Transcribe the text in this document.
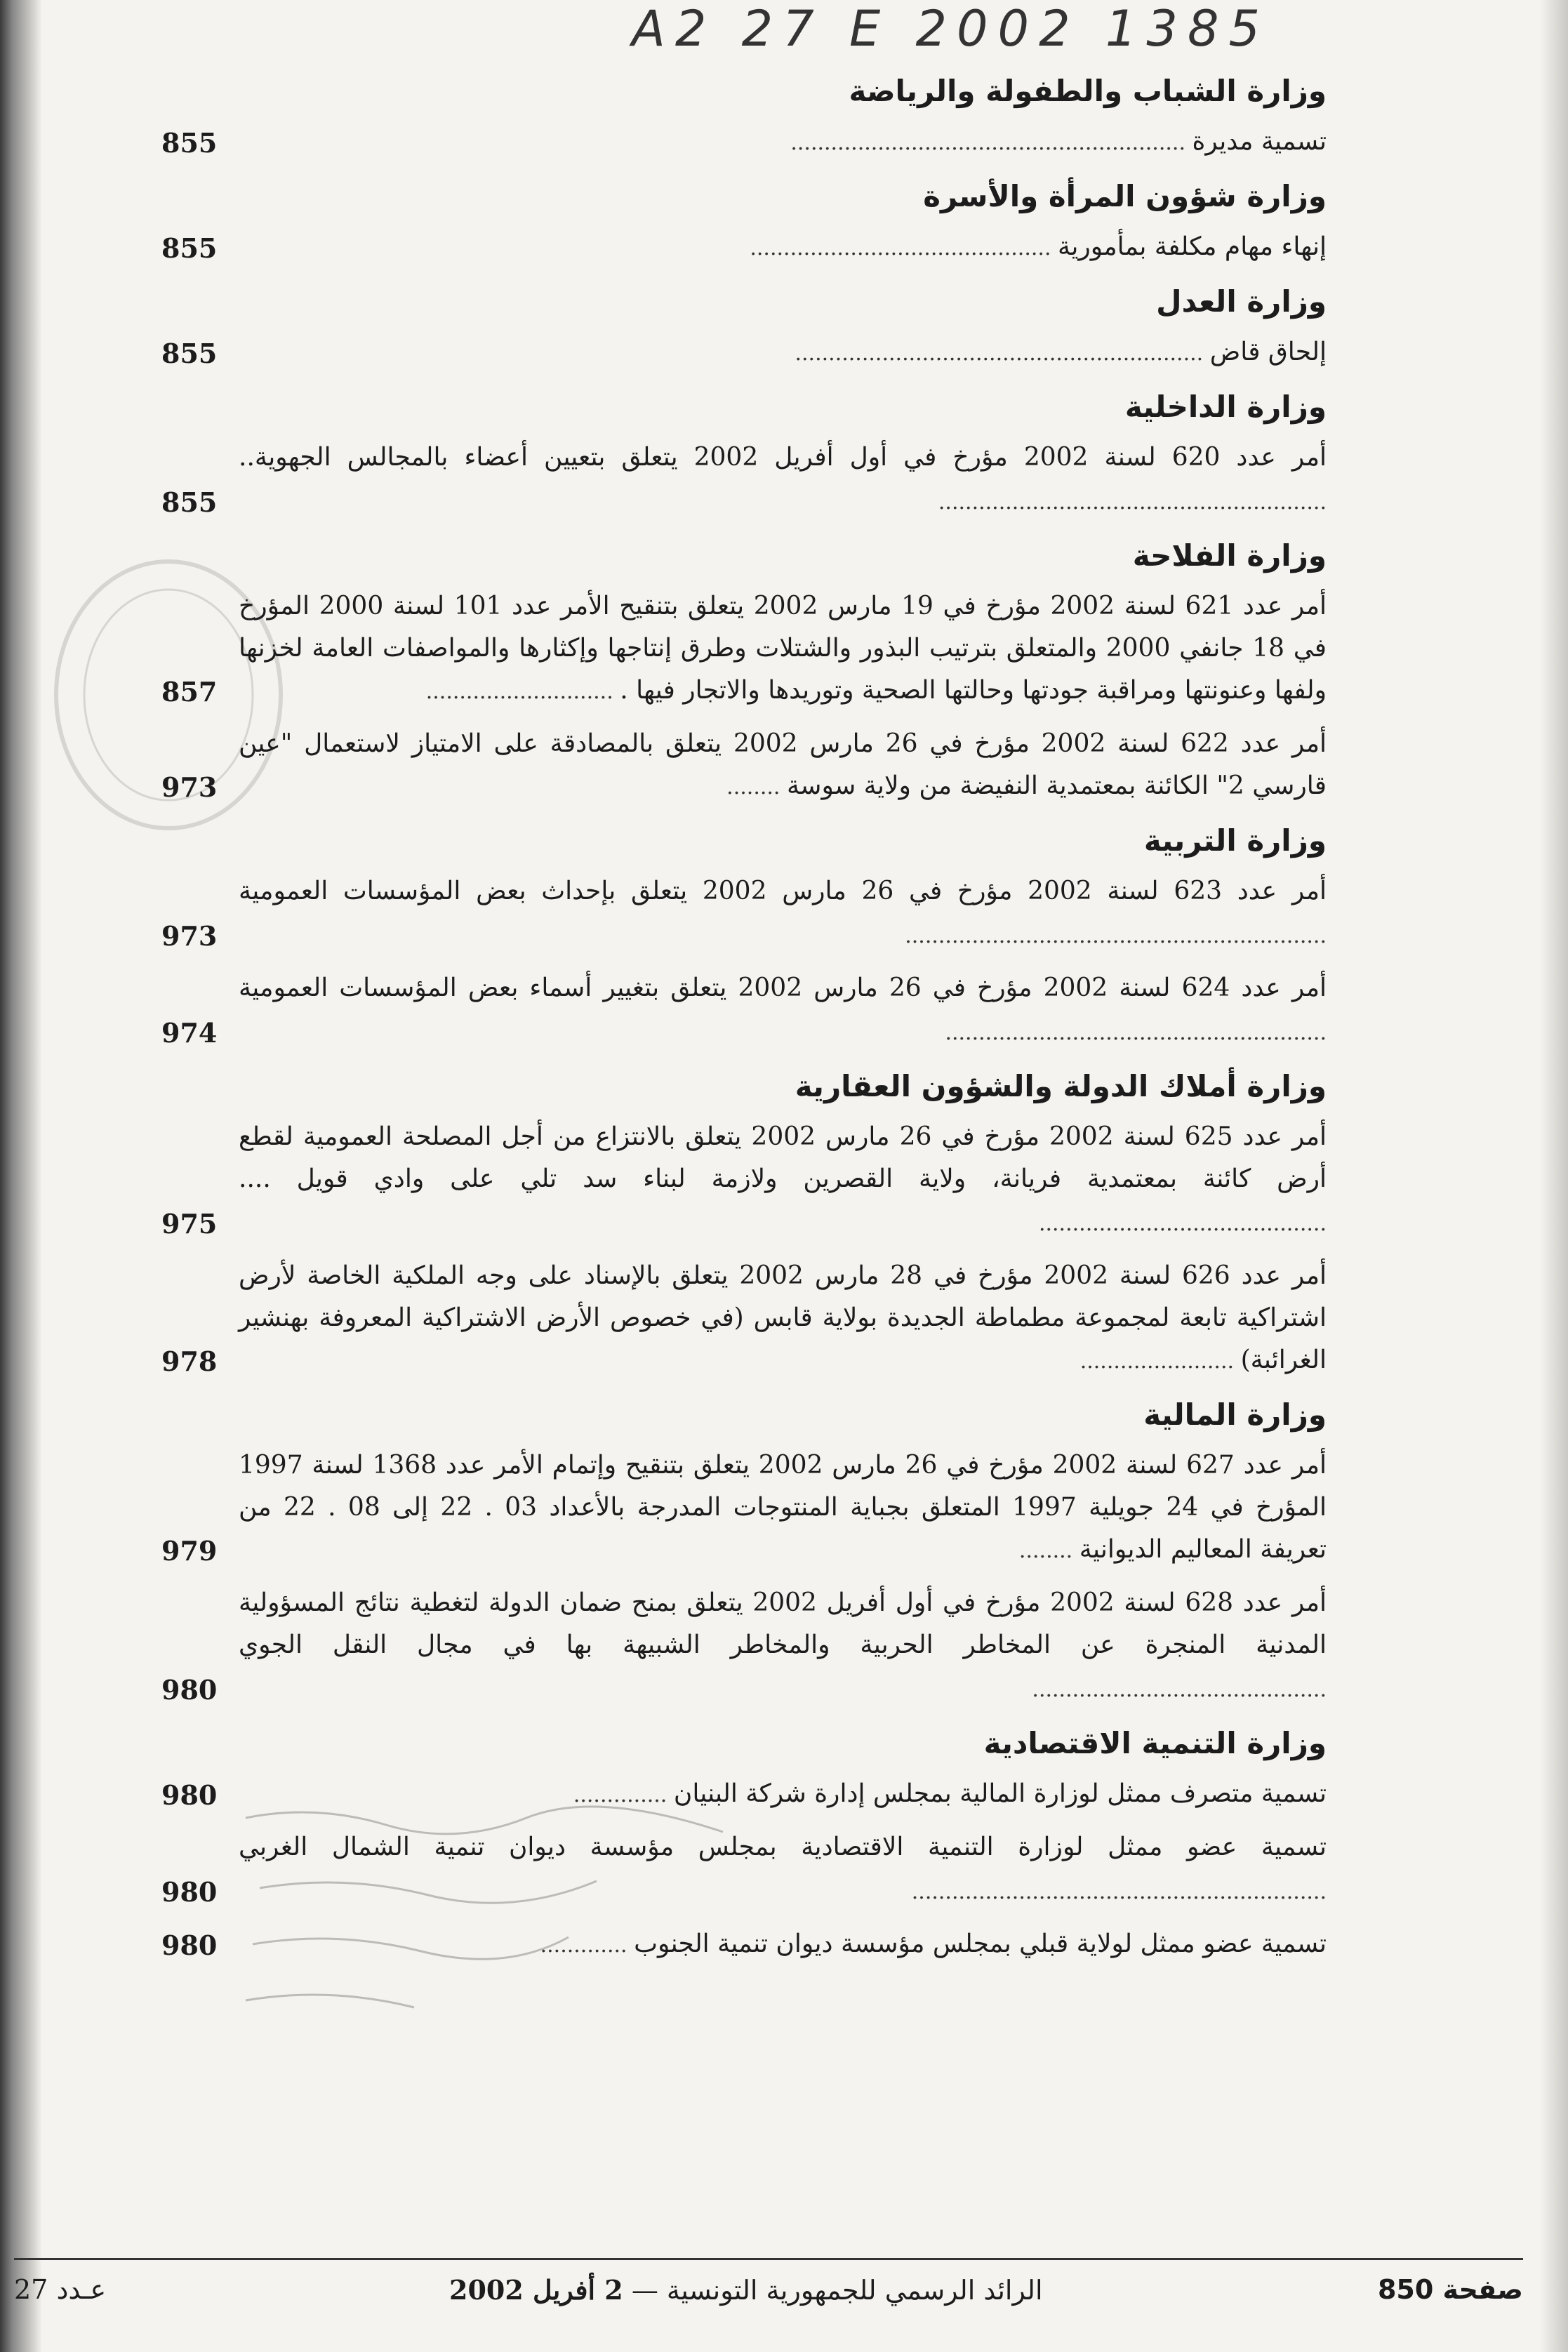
A2 27 E 2002 1385
وزارة الشباب والطفولة والرياضة
تسمية مديرة ...........................................................
855
وزارة شؤون المرأة والأسرة
إنهاء مهام مكلفة بمأمورية .............................................
855
وزارة العدل
إلحاق قاض .............................................................
855
وزارة الداخلية
أمر عدد 620 لسنة 2002 مؤرخ في أول أفريل 2002 يتعلق بتعيين أعضاء بالمجالس الجهوية.. ..........................................................
855
وزارة الفلاحة
أمر عدد 621 لسنة 2002 مؤرخ في 19 مارس 2002 يتعلق بتنقيح الأمر عدد 101 لسنة 2000 المؤرخ في 18 جانفي 2000 والمتعلق بترتيب البذور والشتلات وطرق إنتاجها وإكثارها والمواصفات العامة لخزنها ولفها وعنونتها ومراقبة جودتها وحالتها الصحية وتوريدها والاتجار فيها . ............................
857
أمر عدد 622 لسنة 2002 مؤرخ في 26 مارس 2002 يتعلق بالمصادقة على الامتياز لاستعمال "عين قارسي 2" الكائنة بمعتمدية النفيضة من ولاية سوسة ........
973
وزارة التربية
أمر عدد 623 لسنة 2002 مؤرخ في 26 مارس 2002 يتعلق بإحداث بعض المؤسسات العمومية ...............................................................
973
أمر عدد 624 لسنة 2002 مؤرخ في 26 مارس 2002 يتعلق بتغيير أسماء بعض المؤسسات العمومية .........................................................
974
وزارة أملاك الدولة والشؤون العقارية
أمر عدد 625 لسنة 2002 مؤرخ في 26 مارس 2002 يتعلق بالانتزاع من أجل المصلحة العمومية لقطع أرض كائنة بمعتمدية فريانة، ولاية القصرين ولازمة لبناء سد تلي على وادي قويل .... ...........................................
975
أمر عدد 626 لسنة 2002 مؤرخ في 28 مارس 2002 يتعلق بالإسناد على وجه الملكية الخاصة لأرض اشتراكية تابعة لمجموعة مطماطة الجديدة بولاية قابس (في خصوص الأرض الاشتراكية المعروفة بهنشير الغرائبة) .......................
978
وزارة المالية
أمر عدد 627 لسنة 2002 مؤرخ في 26 مارس 2002 يتعلق بتنقيح وإتمام الأمر عدد 1368 لسنة 1997 المؤرخ في 24 جويلية 1997 المتعلق بجباية المنتوجات المدرجة بالأعداد 03 . 22 إلى 08 . 22 من تعريفة المعاليم الديوانية ........
979
أمر عدد 628 لسنة 2002 مؤرخ في أول أفريل 2002 يتعلق بمنح ضمان الدولة لتغطية نتائج المسؤولية المدنية المنجرة عن المخاطر الحربية والمخاطر الشبيهة بها في مجال النقل الجوي ............................................
980
وزارة التنمية الاقتصادية
تسمية متصرف ممثل لوزارة المالية بمجلس إدارة شركة البنيان ..............
980
تسمية عضو ممثل لوزارة التنمية الاقتصادية بمجلس مؤسسة ديوان تنمية الشمال الغربي ..............................................................
980
تسمية عضو ممثل لولاية قبلي بمجلس مؤسسة ديوان تنمية الجنوب .............
980
صفحة 850
الرائد الرسمي للجمهورية التونسية — 2 أفريل 2002
عـدد 27
